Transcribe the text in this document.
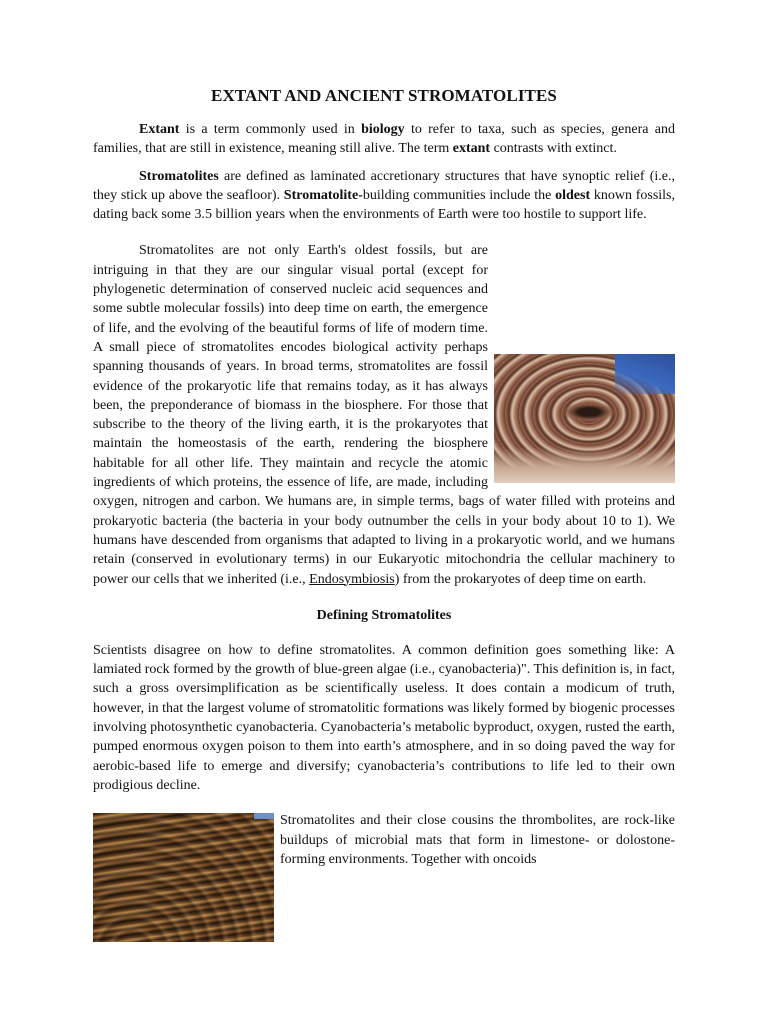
EXTANT AND ANCIENT STROMATOLITES

Extant is a term commonly used in biology to refer to taxa, such as species, genera and families, that are still in existence, meaning still alive. The term extant contrasts with extinct.

Stromatolites are defined as laminated accretionary structures that have synoptic relief (i.e., they stick up above the seafloor). Stromatolite-building communities include the oldest known fossils, dating back some 3.5 billion years when the environments of Earth were too hostile to support life.

Stromatolites are not only Earth's oldest fossils, but are intriguing in that they are our singular visual portal (except for phylogenetic determination of conserved nucleic acid sequences and some subtle molecular fossils) into deep time on earth, the emergence of life, and the evolving of the beautiful forms of life of modern time. A small piece of stromatolites encodes biological activity perhaps spanning thousands of years. In broad terms, stromatolites are fossil evidence of the prokaryotic life that remains today, as it has always been, the preponderance of biomass in the biosphere. For those that subscribe to the theory of the living earth, it is the prokaryotes that maintain the homeostasis of the earth, rendering the biosphere habitable for all other life. They maintain and recycle the atomic ingredients of which proteins, the essence of life, are made, including oxygen, nitrogen and carbon. We humans are, in simple terms, bags of water filled with proteins and prokaryotic bacteria (the bacteria in your body outnumber the cells in your body about 10 to 1). We humans have descended from organisms that adapted to living in a prokaryotic world, and we humans retain (conserved in evolutionary terms) in our Eukaryotic mitochondria the cellular machinery to power our cells that we inherited (i.e., Endosymbiosis) from the prokaryotes of deep time on earth.

Defining Stromatolites

Scientists disagree on how to define stromatolites. A common definition goes something like: A lamiated rock formed by the growth of blue-green algae (i.e., cyanobacteria)". This definition is, in fact, such a gross oversimplification as be scientifically useless. It does contain a modicum of truth, however, in that the largest volume of stromatolitic formations was likely formed by biogenic processes involving photosynthetic cyanobacteria. Cyanobacteria’s metabolic byproduct, oxygen, rusted the earth, pumped enormous oxygen poison to them into earth’s atmosphere, and in so doing paved the way for aerobic-based life to emerge and diversify; cyanobacteria’s contributions to life led to their own prodigious decline.

Stromatolites and their close cousins the thrombolites, are rock-like buildups of microbial mats that form in limestone- or dolostone-forming environments. Together with oncoids
